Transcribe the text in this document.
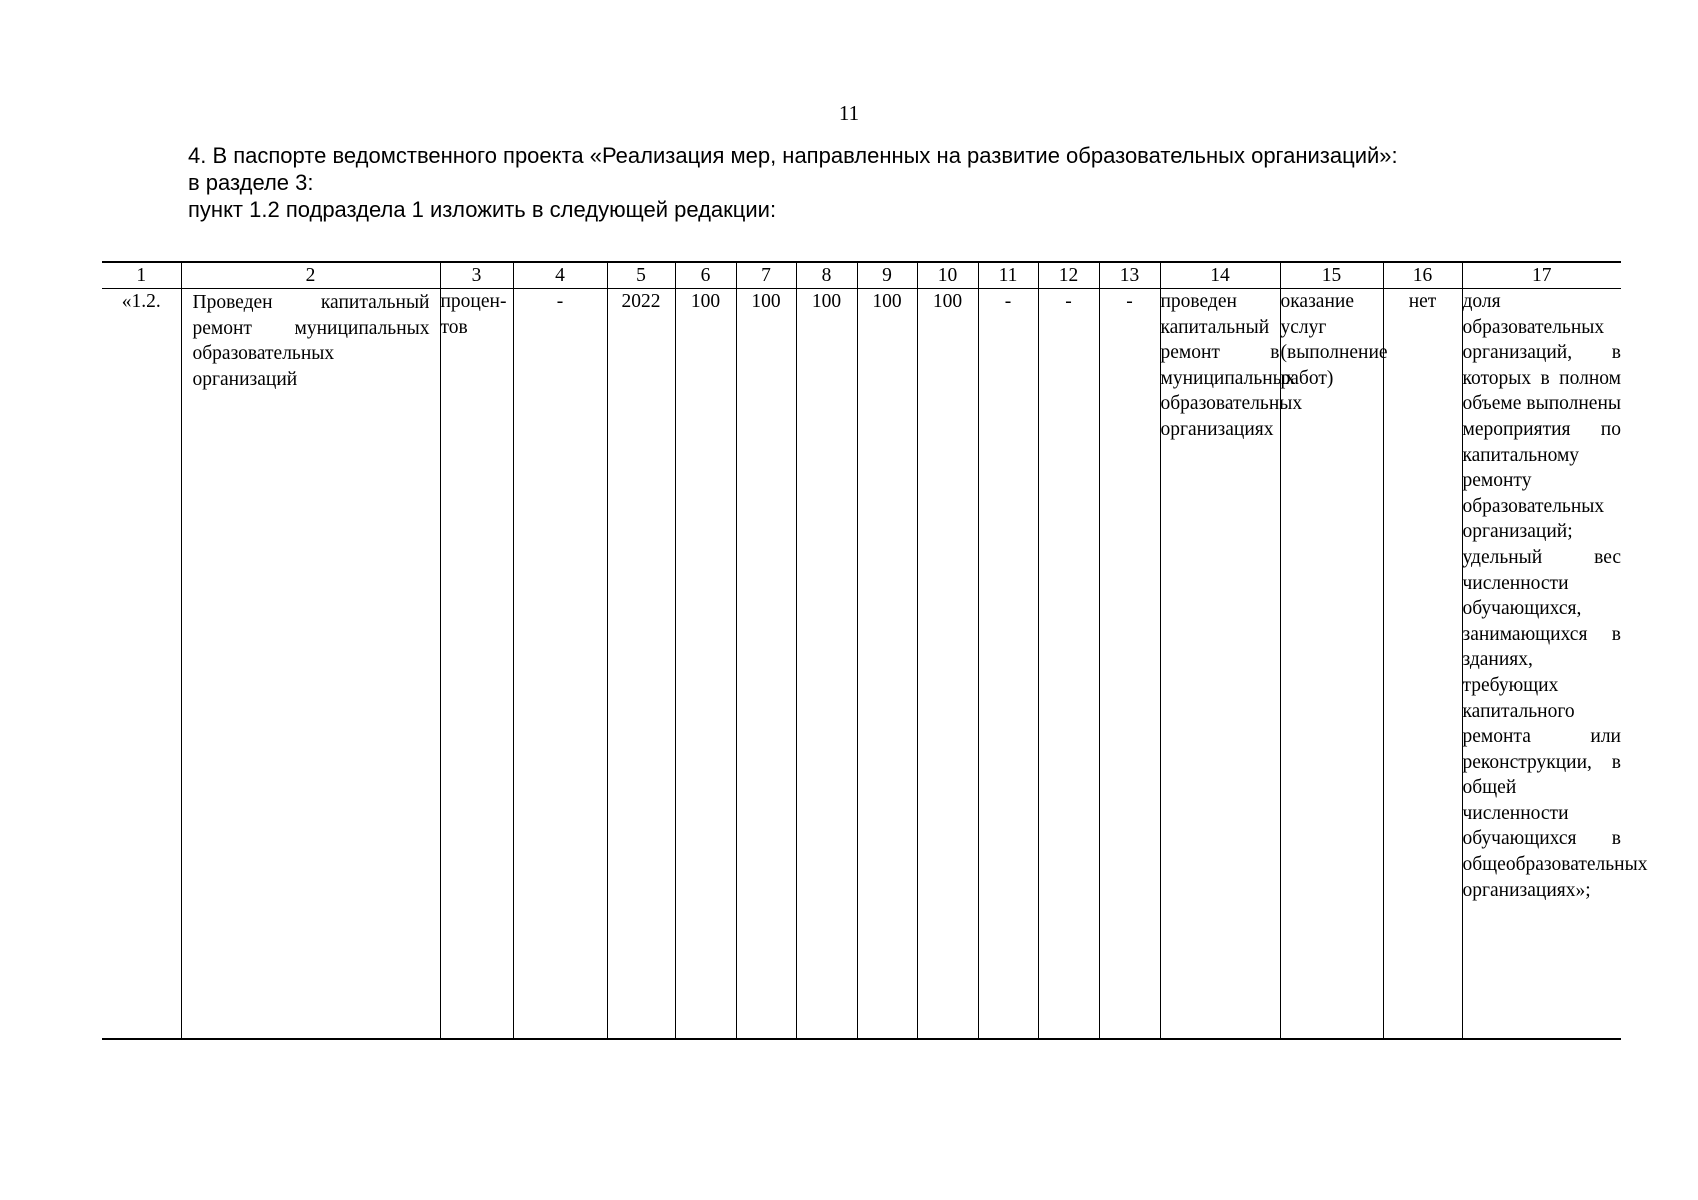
11
4. В паспорте ведомственного проекта «Реализация мер, направленных на развитие образовательных организаций»:
в разделе 3:
пункт 1.2 подраздела 1 изложить в следующей редакции:
1	2	3	4	5	6	7	8	9	10	11	12	13	14	15	16	17
«1.2.	Проведен капитальный ремонт муниципальных образовательных организаций	процентов	-	2022	100	100	100	100	100	-	-	-	проведен капитальный ремонт в муниципальных образовательных организациях	оказание услуг (выполнение работ)	нет	доля образовательных организаций, в которых в полном объеме выполнены мероприятия по капитальному ремонту образовательных организаций; удельный вес численности обучающихся, занимающихся в зданиях, требующих капитального ремонта или реконструкции, в общей численности обучающихся в общеобразовательных организациях»;
